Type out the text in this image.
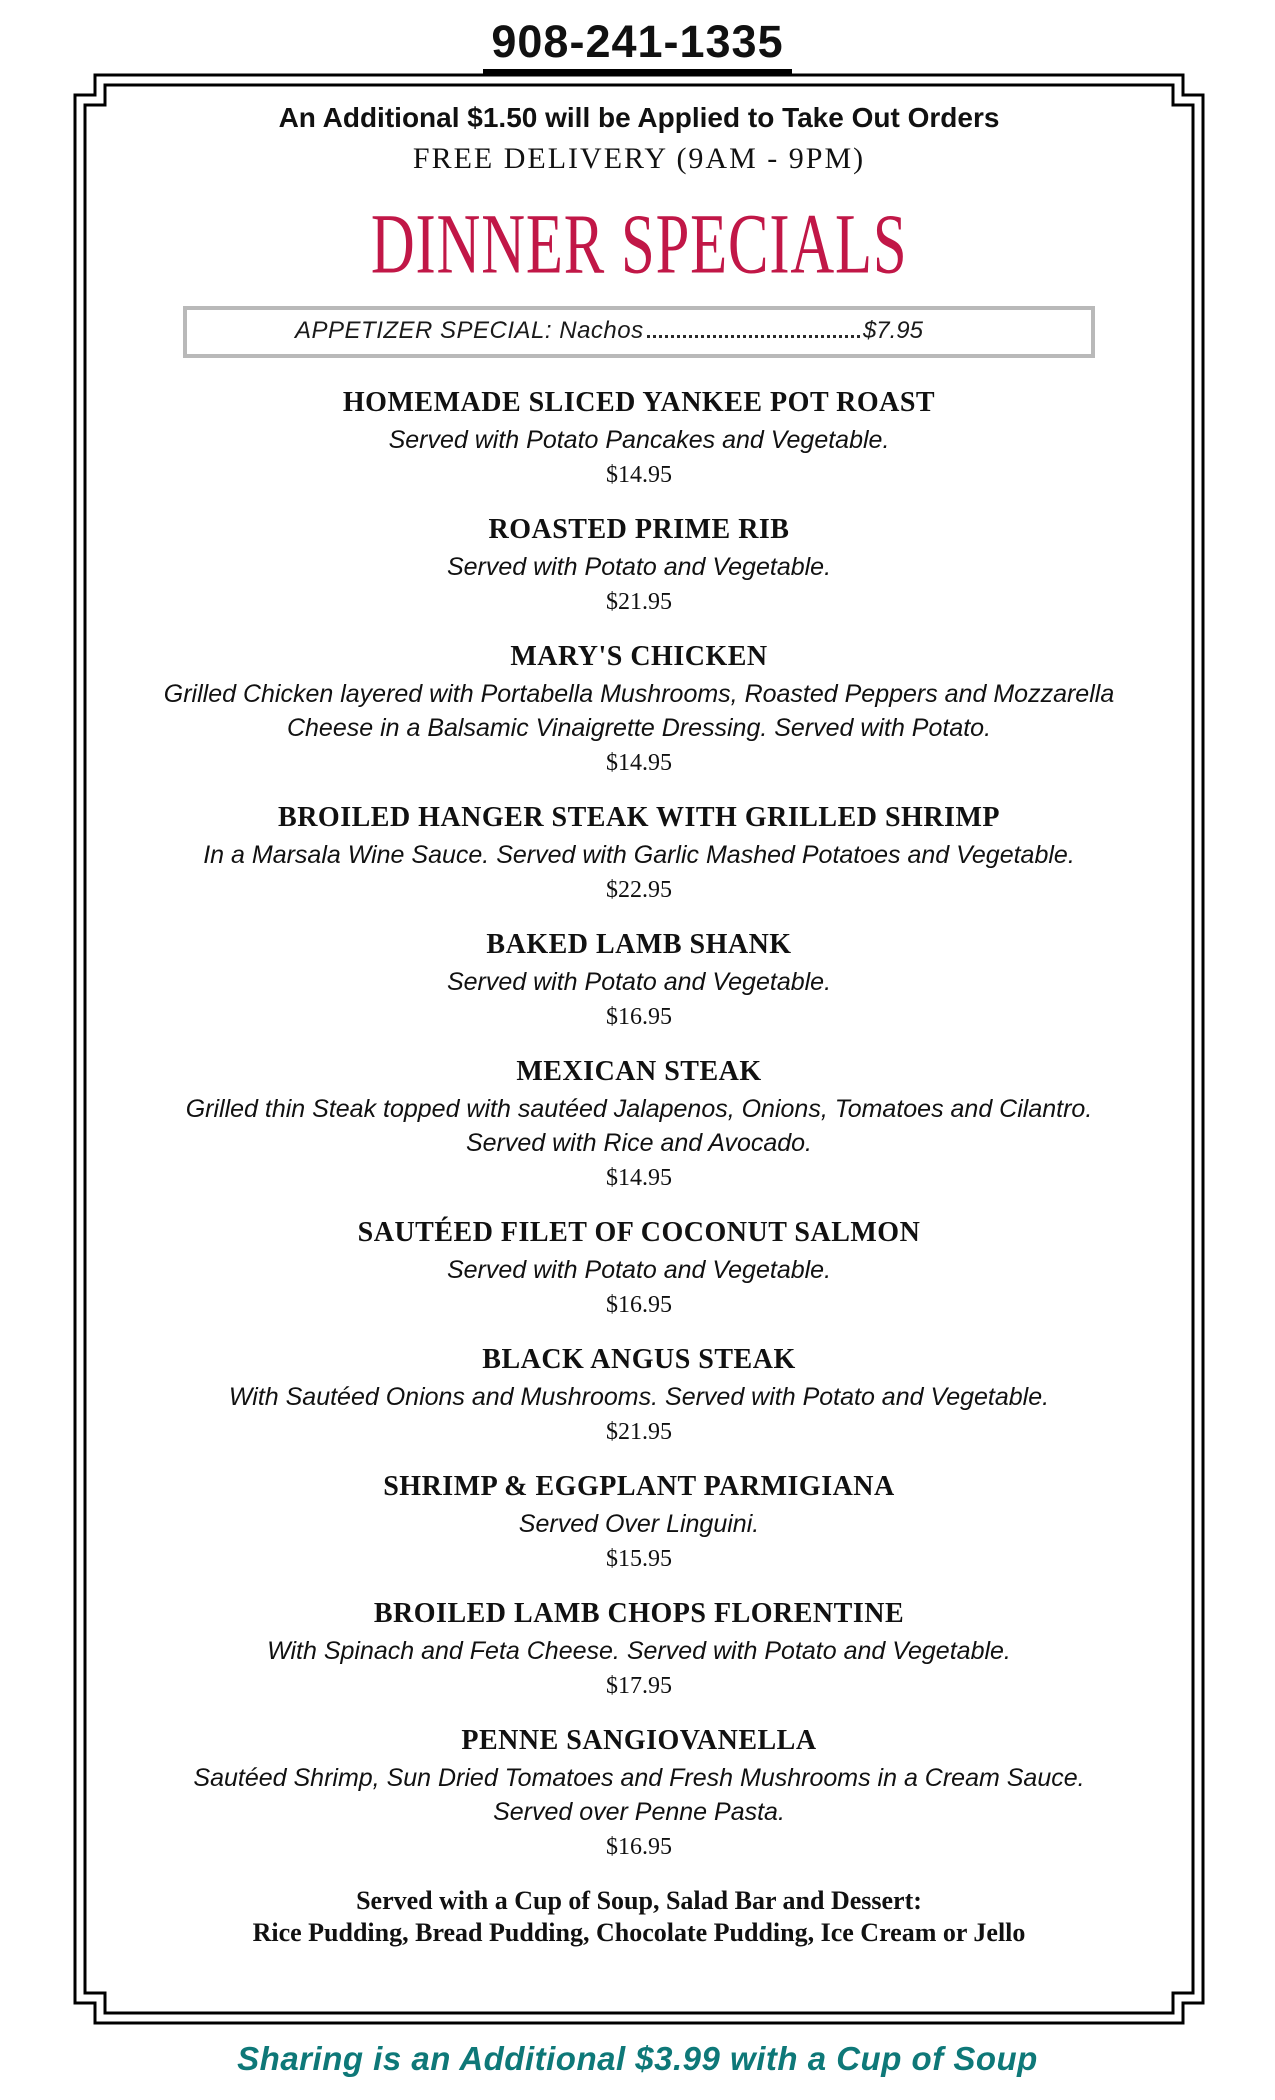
908-241-1335
An Additional $1.50 will be Applied to Take Out Orders
FREE DELIVERY (9AM - 9PM)
DINNER SPECIALS
APPETIZER SPECIAL: Nachos	$7.95
HOMEMADE SLICED YANKEE POT ROAST
Served with Potato Pancakes and Vegetable.
$14.95
ROASTED PRIME RIB
Served with Potato and Vegetable.
$21.95
MARY'S CHICKEN
Grilled Chicken layered with Portabella Mushrooms, Roasted Peppers and Mozzarella Cheese in a Balsamic Vinaigrette Dressing. Served with Potato.
$14.95
BROILED HANGER STEAK WITH GRILLED SHRIMP
In a Marsala Wine Sauce. Served with Garlic Mashed Potatoes and Vegetable.
$22.95
BAKED LAMB SHANK
Served with Potato and Vegetable.
$16.95
MEXICAN STEAK
Grilled thin Steak topped with sautéed Jalapenos, Onions, Tomatoes and Cilantro. Served with Rice and Avocado.
$14.95
SAUTÉED FILET OF COCONUT SALMON
Served with Potato and Vegetable.
$16.95
BLACK ANGUS STEAK
With Sautéed Onions and Mushrooms. Served with Potato and Vegetable.
$21.95
SHRIMP & EGGPLANT PARMIGIANA
Served Over Linguini.
$15.95
BROILED LAMB CHOPS FLORENTINE
With Spinach and Feta Cheese. Served with Potato and Vegetable.
$17.95
PENNE SANGIOVANELLA
Sautéed Shrimp, Sun Dried Tomatoes and Fresh Mushrooms in a Cream Sauce. Served over Penne Pasta.
$16.95
Served with a Cup of Soup, Salad Bar and Dessert:
Rice Pudding, Bread Pudding, Chocolate Pudding, Ice Cream or Jello
Sharing is an Additional $3.99 with a Cup of Soup
